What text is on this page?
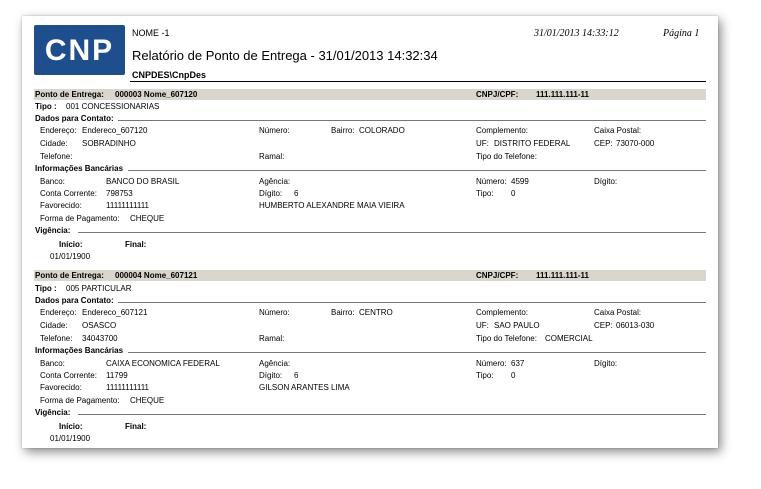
CNP
NOME -1
Relatório de Ponto de Entrega - 31/01/2013 14:32:34
CNPDES\CnpDes
31/01/2013 14:33:12	Página 1
Ponto de Entrega: 000003 Nome_607120	CNPJ/CPF: 111.111.111-11
Tipo : 001 CONCESSIONARIAS
Dados para Contato:
Endereço: Endereco_607120	Número:	Bairro: COLORADO	Complemento:	Caixa Postal:
Cidade: SOBRADINHO	UF: DISTRITO FEDERAL	CEP: 73070-000
Telefone:	Ramal:	Tipo do Telefone:
Informações Bancárias
Banco:	BANCO DO BRASIL	Agência:	Número: 4599	Dígito:
Conta Corrente: 798753	Dígito: 6	Tipo: 0
Favorecido:	11111111111	HUMBERTO ALEXANDRE MAIA VIEIRA
Forma de Pagamento: CHEQUE
Vigência:
Início:	Final:
01/01/1900
Ponto de Entrega: 000004 Nome_607121	CNPJ/CPF: 111.111.111-11
Tipo : 005 PARTICULAR
Dados para Contato:
Endereço: Endereco_607121	Número:	Bairro: CENTRO	Complemento:	Caixa Postal:
Cidade: OSASCO	UF: SAO PAULO	CEP: 06013-030
Telefone: 34043700	Ramal:	Tipo do Telefone: COMERCIAL
Informações Bancárias
Banco:	CAIXA ECONOMICA FEDERAL	Agência:	Número: 637	Dígito:
Conta Corrente: 11799	Dígito: 6	Tipo: 0
Favorecido:	11111111111	GILSON ARANTES LIMA
Forma de Pagamento: CHEQUE
Vigência:
Início:	Final:
01/01/1900
